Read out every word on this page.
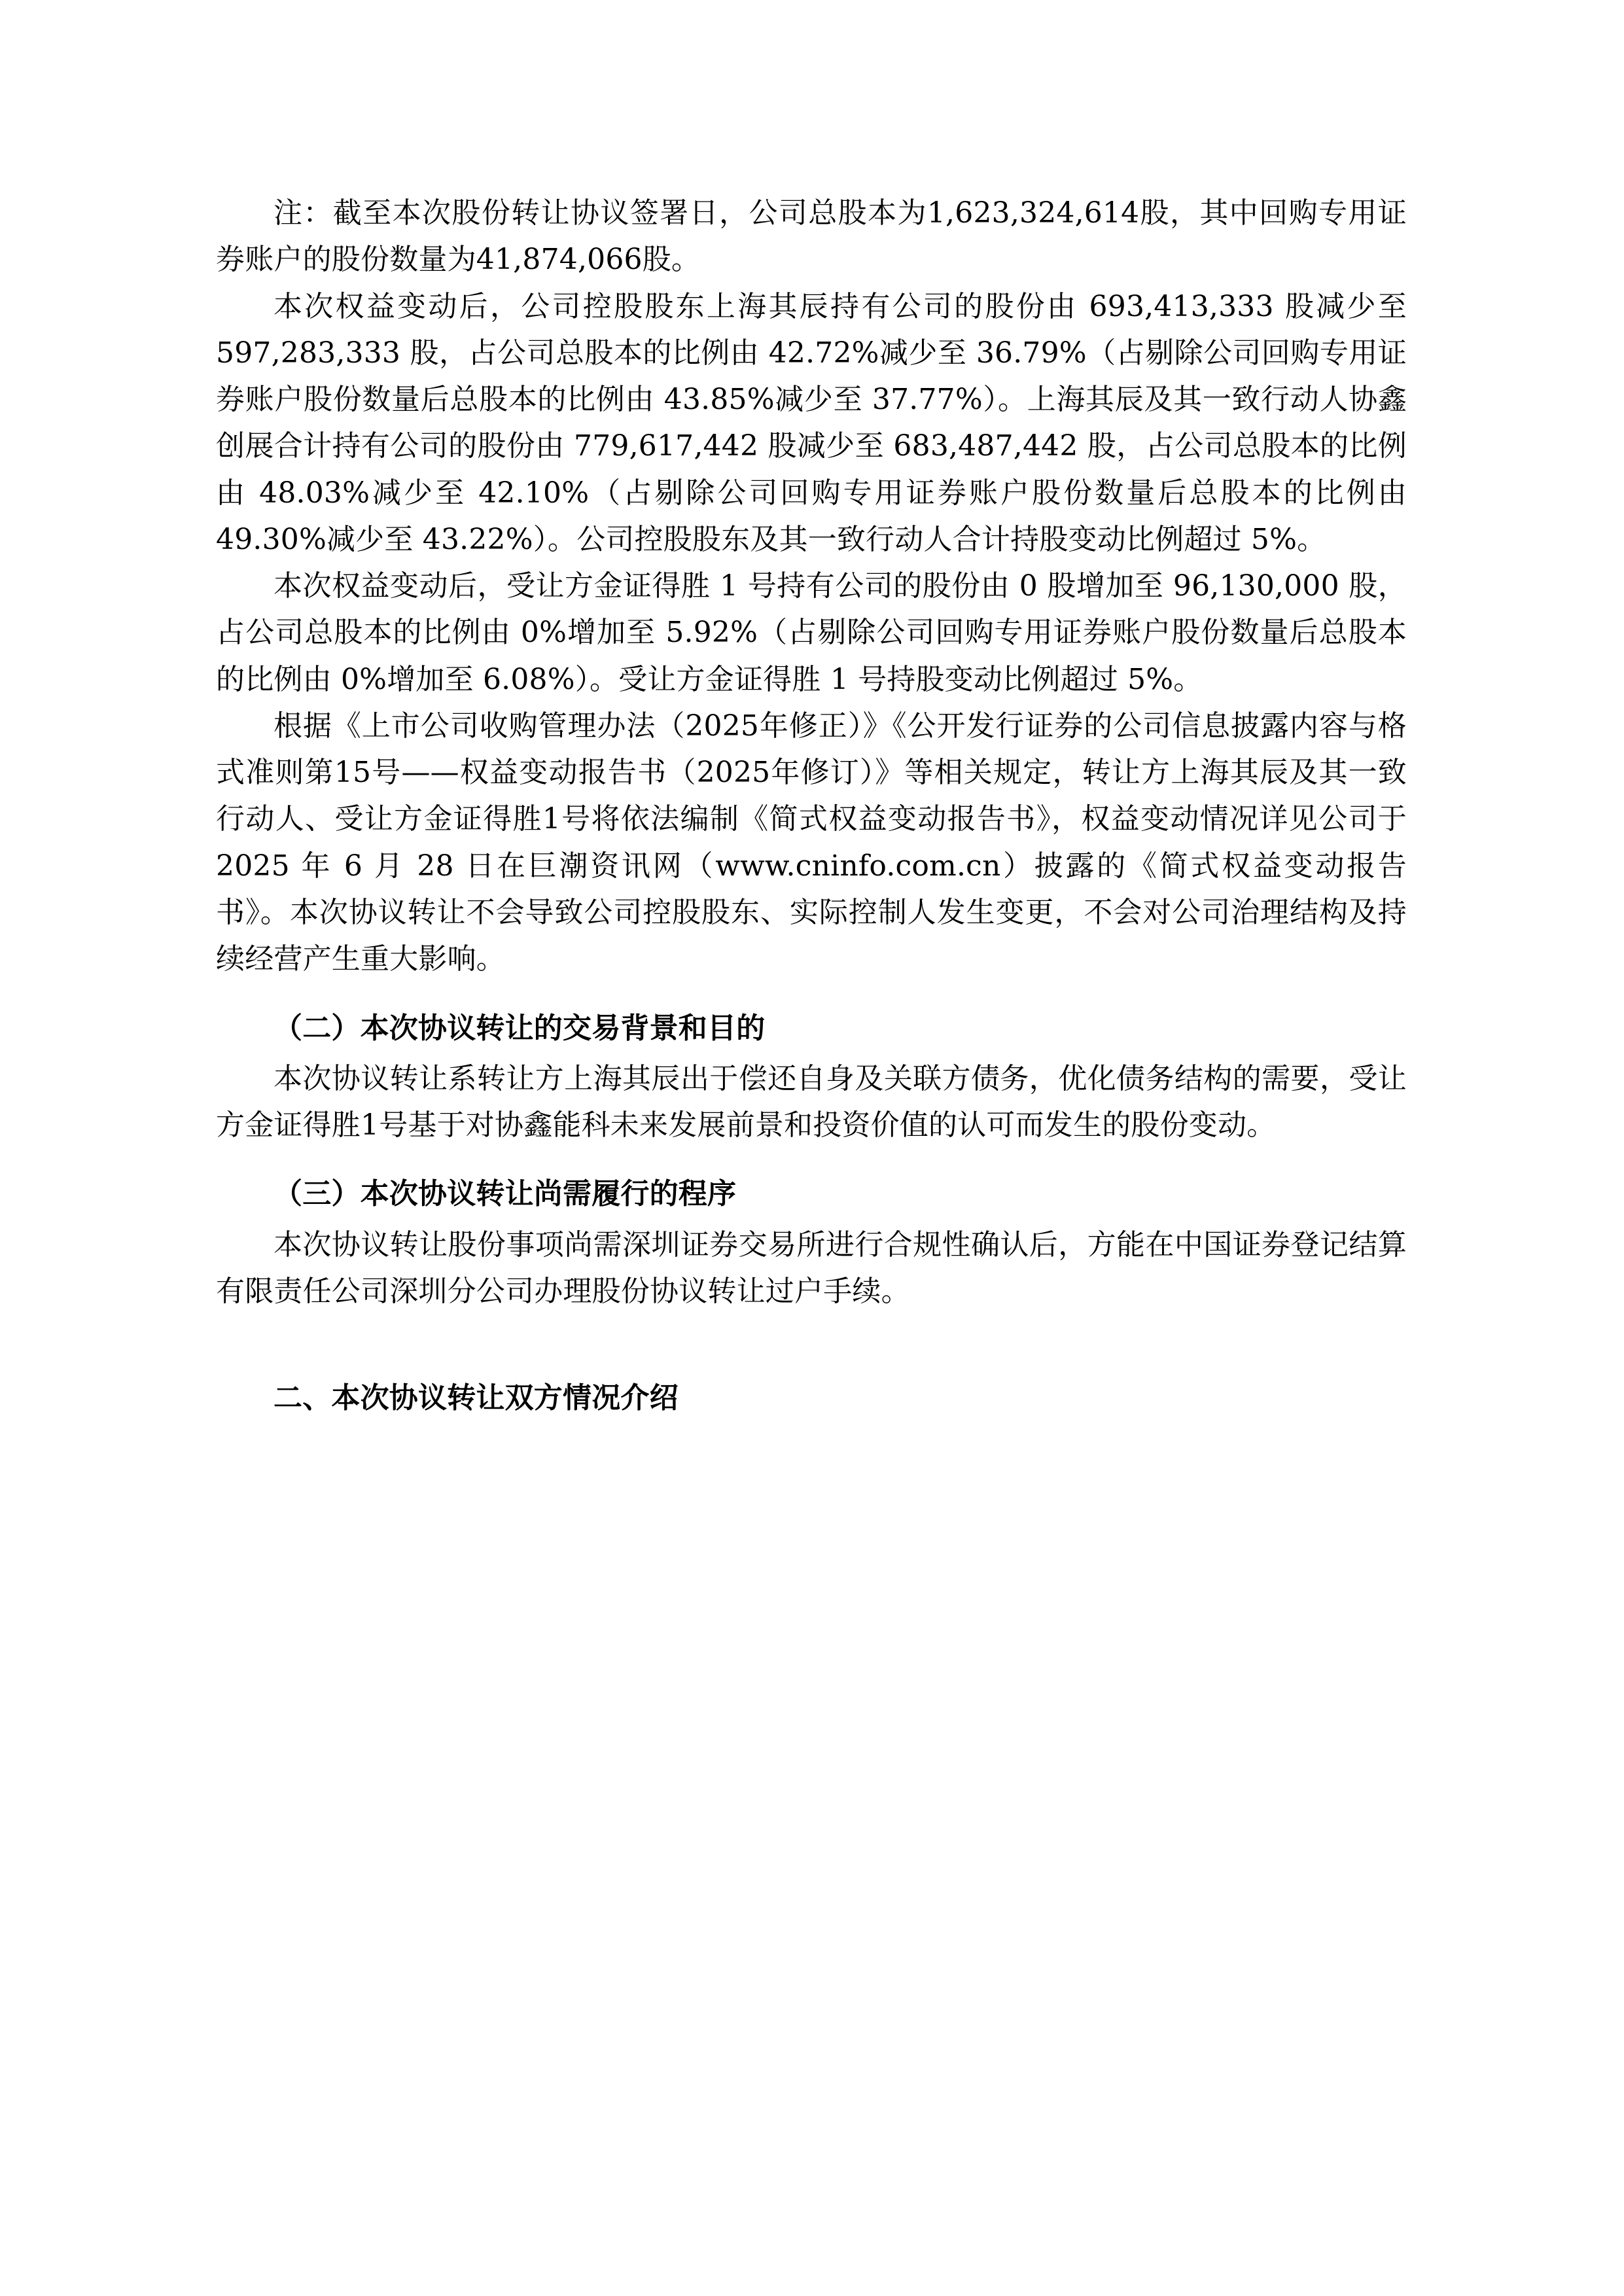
注：截至本次股份转让协议签署日，公司总股本为1,623,324,614股，其中回购专用证券账户的股份数量为41,874,066股。

本次权益变动后，公司控股股东上海其辰持有公司的股份由 693,413,333 股减少至 597,283,333 股，占公司总股本的比例由 42.72%减少至 36.79%（占剔除公司回购专用证券账户股份数量后总股本的比例由 43.85%减少至 37.77%）。上海其辰及其一致行动人协鑫创展合计持有公司的股份由 779,617,442 股减少至 683,487,442 股，占公司总股本的比例由 48.03%减少至 42.10%（占剔除公司回购专用证券账户股份数量后总股本的比例由 49.30%减少至 43.22%）。公司控股股东及其一致行动人合计持股变动比例超过 5%。

本次权益变动后，受让方金证得胜 1 号持有公司的股份由 0 股增加至 96,130,000 股，占公司总股本的比例由 0%增加至 5.92%（占剔除公司回购专用证券账户股份数量后总股本的比例由 0%增加至 6.08%）。受让方金证得胜 1 号持股变动比例超过 5%。

根据《上市公司收购管理办法（2025年修正）》《公开发行证券的公司信息披露内容与格式准则第15号——权益变动报告书（2025年修订）》等相关规定，转让方上海其辰及其一致行动人、受让方金证得胜1号将依法编制《简式权益变动报告书》，权益变动情况详见公司于 2025 年 6 月 28 日在巨潮资讯网（www.cninfo.com.cn）披露的《简式权益变动报告书》。本次协议转让不会导致公司控股股东、实际控制人发生变更，不会对公司治理结构及持续经营产生重大影响。

（二）本次协议转让的交易背景和目的

本次协议转让系转让方上海其辰出于偿还自身及关联方债务，优化债务结构的需要，受让方金证得胜1号基于对协鑫能科未来发展前景和投资价值的认可而发生的股份变动。

（三）本次协议转让尚需履行的程序

本次协议转让股份事项尚需深圳证券交易所进行合规性确认后，方能在中国证券登记结算有限责任公司深圳分公司办理股份协议转让过户手续。

二、本次协议转让双方情况介绍
